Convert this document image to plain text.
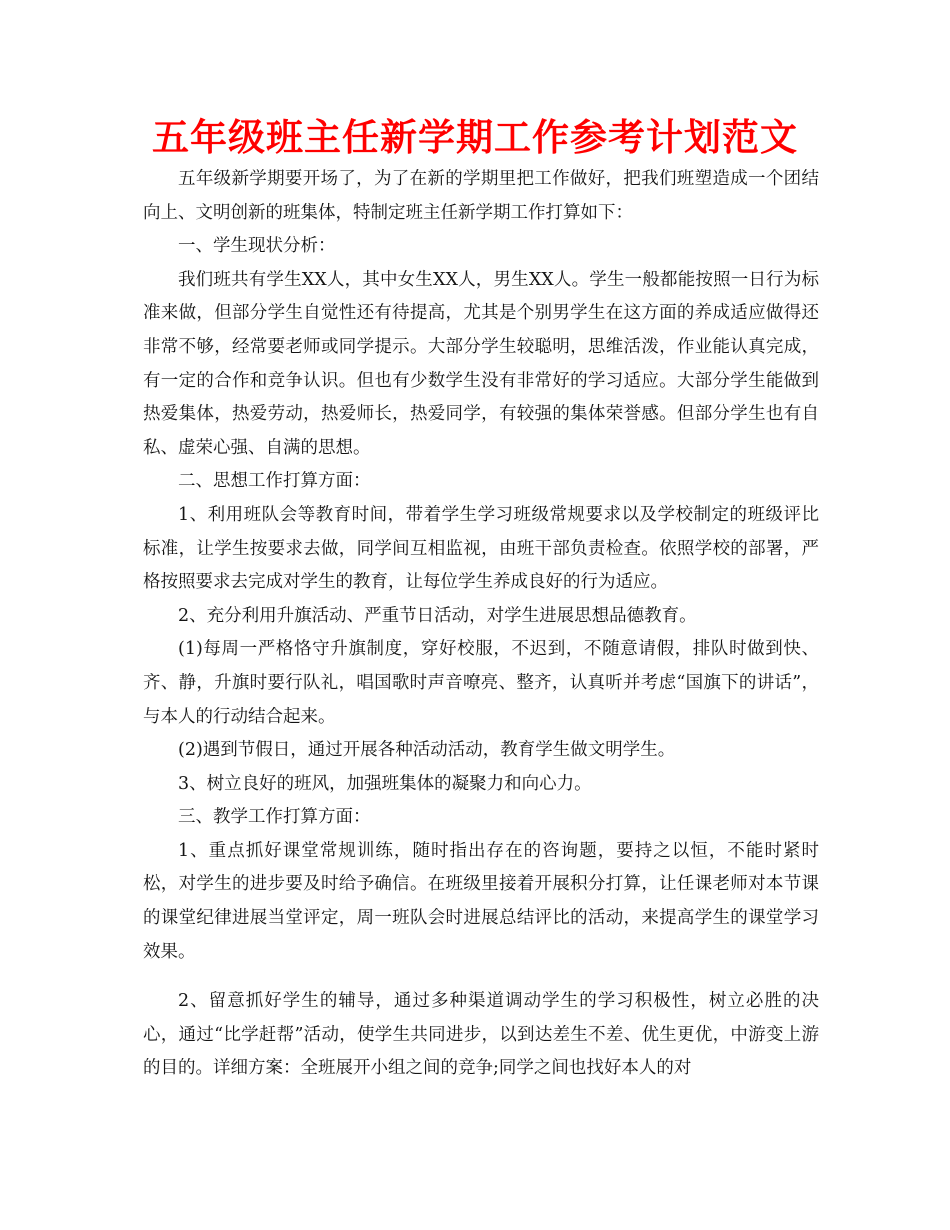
五年级班主任新学期工作参考计划范文

五年级新学期要开场了，为了在新的学期里把工作做好，把我们班塑造成一个团结向上、文明创新的班集体，特制定班主任新学期工作打算如下：

一、学生现状分析：

我们班共有学生XX人，其中女生XX人，男生XX人。学生一般都能按照一日行为标准来做，但部分学生自觉性还有待提高，尤其是个别男学生在这方面的养成适应做得还非常不够，经常要老师或同学提示。大部分学生较聪明，思维活泼，作业能认真完成，有一定的合作和竞争认识。但也有少数学生没有非常好的学习适应。大部分学生能做到热爱集体，热爱劳动，热爱师长，热爱同学，有较强的集体荣誉感。但部分学生也有自私、虚荣心强、自满的思想。

二、思想工作打算方面：

1、利用班队会等教育时间，带着学生学习班级常规要求以及学校制定的班级评比标准，让学生按要求去做，同学间互相监视，由班干部负责检查。依照学校的部署，严格按照要求去完成对学生的教育，让每位学生养成良好的行为适应。

2、充分利用升旗活动、严重节日活动，对学生进展思想品德教育。

(1)每周一严格恪守升旗制度，穿好校服，不迟到，不随意请假，排队时做到快、齐、静，升旗时要行队礼，唱国歌时声音嘹亮、整齐，认真听并考虑“国旗下的讲话”，与本人的行动结合起来。

(2)遇到节假日，通过开展各种活动活动，教育学生做文明学生。

3、树立良好的班风，加强班集体的凝聚力和向心力。

三、教学工作打算方面：

1、重点抓好课堂常规训练，随时指出存在的咨询题，要持之以恒，不能时紧时松，对学生的进步要及时给予确信。在班级里接着开展积分打算，让任课老师对本节课的课堂纪律进展当堂评定，周一班队会时进展总结评比的活动，来提高学生的课堂学习效果。

2、留意抓好学生的辅导，通过多种渠道调动学生的学习积极性，树立必胜的决心，通过“比学赶帮”活动，使学生共同进步，以到达差生不差、优生更优，中游变上游的目的。详细方案：全班展开小组之间的竞争;同学之间也找好本人的对
